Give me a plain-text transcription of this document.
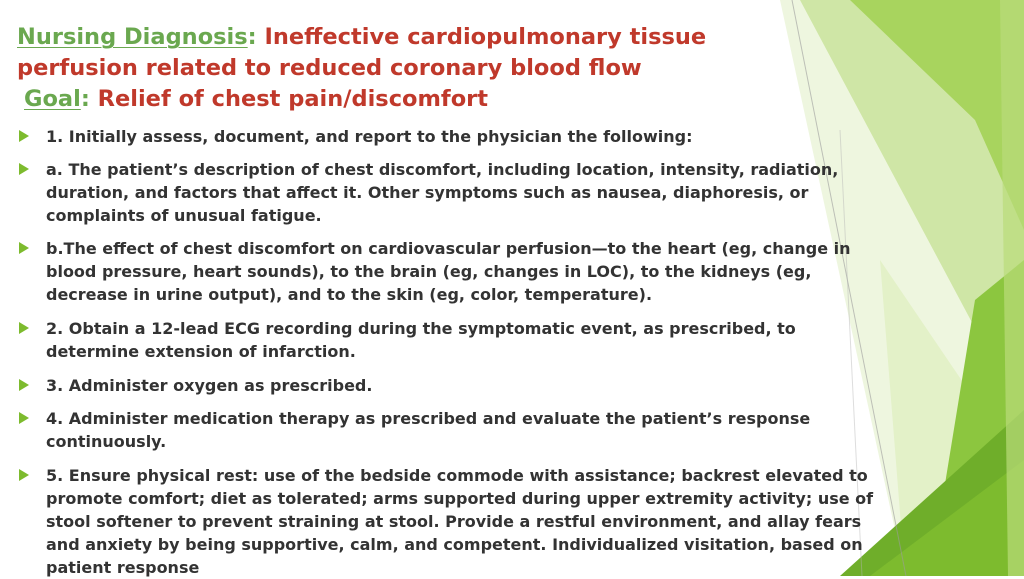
Nursing Diagnosis: Ineffective cardiopulmonary tissue
perfusion related to reduced coronary blood flow
Goal: Relief of chest pain/discomfort
1. Initially assess, document, and report to the physician the following:
a. The patient’s description of chest discomfort, including location, intensity, radiation, duration, and factors that affect it. Other symptoms such as nausea, diaphoresis, or complaints of unusual fatigue.
b.The effect of chest discomfort on cardiovascular perfusion—to the heart (eg, change in blood pressure, heart sounds), to the brain (eg, changes in LOC), to the kidneys (eg, decrease in urine output), and to the skin (eg, color, temperature).
2. Obtain a 12-lead ECG recording during the symptomatic event, as prescribed, to determine extension of infarction.
3. Administer oxygen as prescribed.
4. Administer medication therapy as prescribed and evaluate the patient’s response continuously.
5. Ensure physical rest: use of the bedside commode with assistance; backrest elevated to promote comfort; diet as tolerated; arms supported during upper extremity activity; use of stool softener to prevent straining at stool. Provide a restful environment, and allay fears and anxiety by being supportive, calm, and competent. Individualized visitation, based on patient response
